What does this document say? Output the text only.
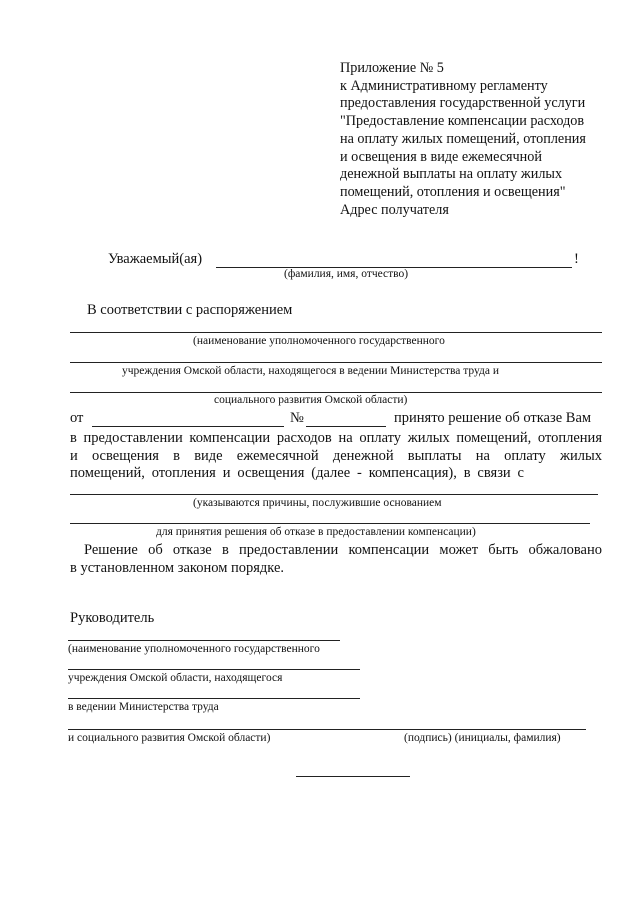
Приложение № 5
к Административному регламенту
предоставления государственной услуги
"Предоставление компенсации расходов
на оплату жилых помещений, отопления
и освещения в виде ежемесячной
денежной выплаты на оплату жилых
помещений, отопления и освещения"
Адрес получателя
Уважаемый(ая)	!
(фамилия, имя, отчество)
В соответствии с распоряжением
(наименование уполномоченного государственного
учреждения Омской области, находящегося в ведении Министерства труда и
социального развития Омской области)
от	№	принято решение об отказе Вам
в предоставлении компенсации расходов на оплату жилых помещений, отопления
и освещения в виде ежемесячной денежной выплаты на оплату жилых
помещений, отопления и освещения (далее - компенсация), в связи с
(указываются причины, послужившие основанием
для принятия решения об отказе в предоставлении компенсации)
Решение об отказе в предоставлении компенсации может быть обжаловано
в установленном законом порядке.
Руководитель
(наименование уполномоченного государственного
учреждения Омской области, находящегося
в ведении Министерства труда
и социального развития Омской области)	(подпись) (инициалы, фамилия)
